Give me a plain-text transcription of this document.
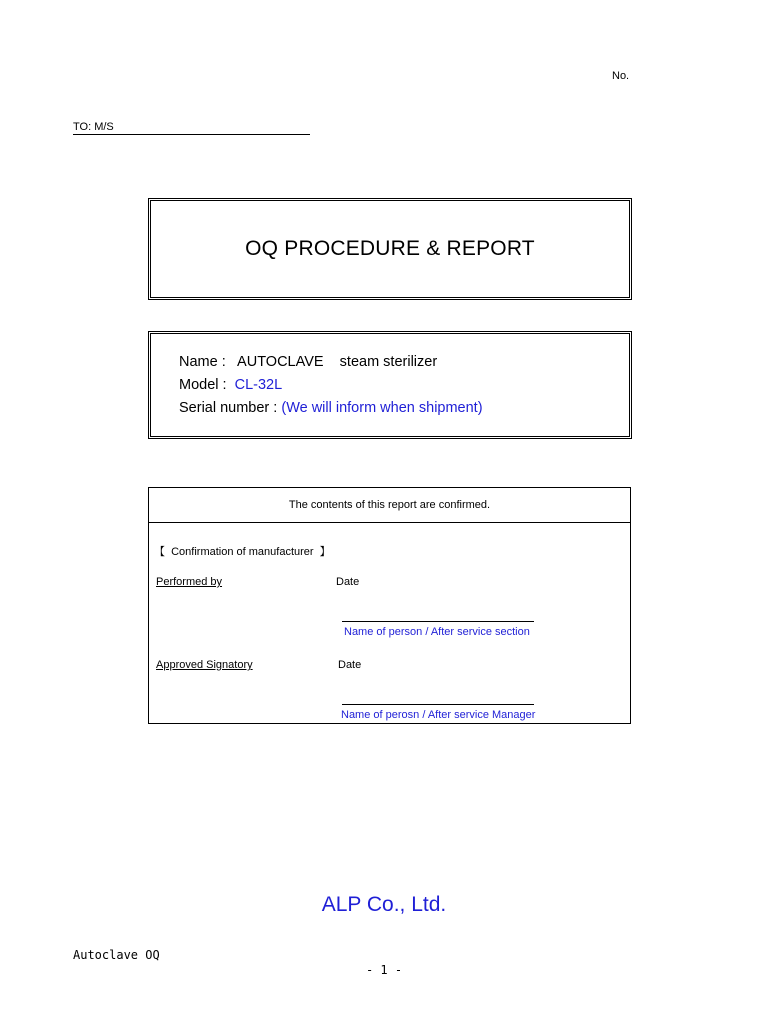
No.
TO: M/S
OQ PROCEDURE & REPORT
Name : AUTOCLAVE steam sterilizer
Model : CL-32L
Serial number : (We will inform when shipment)
The contents of this report are confirmed.
【  Confirmation of manufacturer  】
Performed by	Date
Name of person / After service section
Approved Signatory	Date
Name of perosn / After service Manager
ALP Co., Ltd.
Autoclave OQ
- 1 -
